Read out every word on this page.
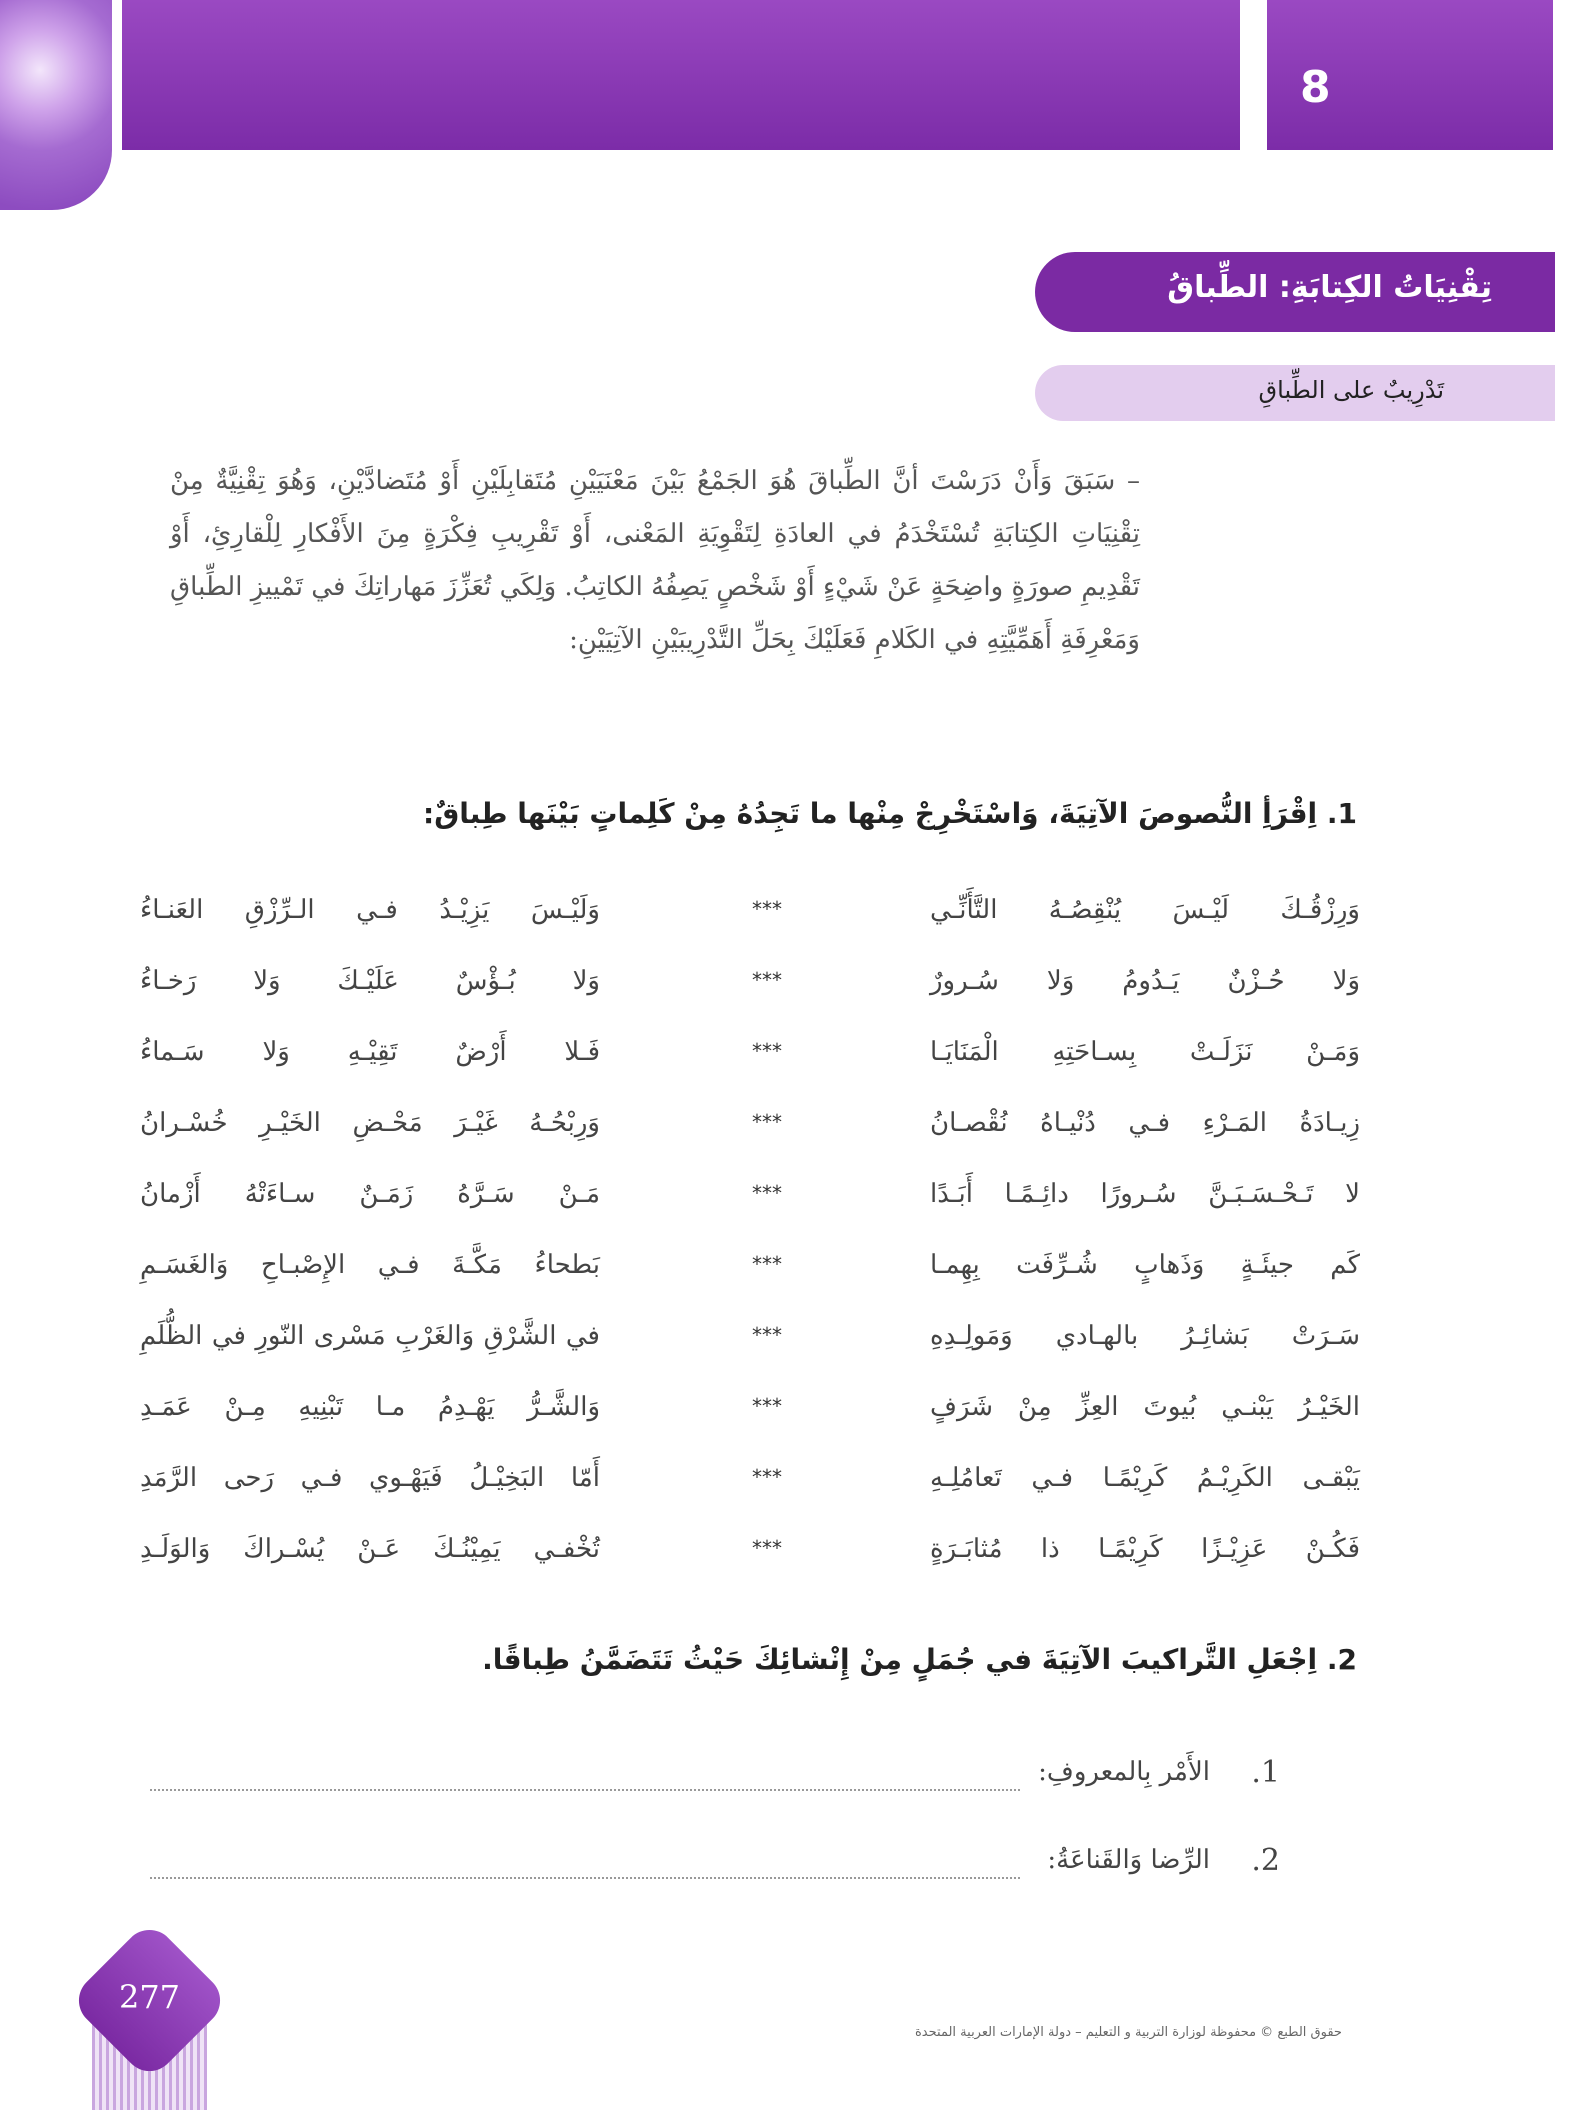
8
تِقْنِيَاتُ الكِتابَةِ: الطِّباقُ
تَدْرِيبٌ على الطِّباقِ
– سَبَقَ وَأَنْ دَرَسْتَ أنَّ الطِّباقَ هُوَ الجَمْعُ بَيْنَ مَعْنَيَيْنِ مُتَقابِلَيْنِ أَوْ مُتَضادَّيْنِ، وَهُوَ تِقْنِيَّةٌ مِنْ تِقْنِيَاتِ الكِتابَةِ تُسْتَخْدَمُ في العادَةِ لِتَقْوِيَةِ المَعْنى، أَوْ تَقْرِيبِ فِكْرَةٍ مِنَ الأَفْكارِ لِلْقارِئِ، أَوْ تَقْدِيمِ صورَةٍ واضِحَةٍ عَنْ شَيْءٍ أَوْ شَخْصٍ يَصِفُهُ الكاتِبُ. وَلِكَي تُعَزِّزَ مَهاراتِكَ في تَمْييزِ الطِّباقِ وَمَعْرِفَةِ أَهَمِّيَّتِهِ في الكَلامِ فَعَلَيْكَ بِحَلِّ التَّدْرِيبَيْنِ الآتِيَيْنِ:
1. اِقْرَأِ النُّصوصَ الآتِيَةَ، وَاسْتَخْرِجْ مِنْها ما تَجِدُهُ مِنْ كَلِماتٍ بَيْنَها طِباقٌ:
وَرِزْقُـكَ لَيْـسَ يُنْقِصُـهُ التَّأَنِّـي
***
وَلَيْـسَ يَزِيْـدُ فـي الـرِّزْقِ العَنـاءُ
وَلا حُـزْنٌ يَـدُومُ وَلا سُـرورٌ
***
وَلا بُـؤْسٌ عَلَيْـكَ وَلا رَخـاءُ
وَمَـنْ نَزَلَـتْ بِسـاحَتِهِ الْمَنَايَـا
***
فَـلا أَرْضٌ تَقِيْـهِ وَلا سَـماءُ
زِيـادَةُ المَـرْءِ فـي دُنْيـاهُ نُقْصـانُ
***
وَرِبْحُـهُ غَيْـرَ مَحْـضِ الخَيْـرِ خُسْـرانُ
لا تَـحْـسَـبَـنَّ سُـرورًا دائِـمًـا أَبَـدًا
***
مَـنْ سَـرَّهُ زَمَـنٌ سـاءَتْهُ أَزْمانُ
كَم جيئَـةٍ وَذَهابٍ شُـرِّفَت بِهِمـا
***
بَطحاءُ مَكَّـةَ فـي الإِصْبـاحِ وَالغَسَـمِ
سَـرَتْ بَشائِـرُ بالهـادي وَمَولِـدِهِ
***
في الشَّرْقِ وَالغَرْبِ مَسْرى النّورِ في الظُّلَمِ
الخَيْـرُ يَبْنـي بُيوتَ العِزِّ مِنْ شَرَفٍ
***
وَالشَّـرُّ يَهْـدِمُ مـا تَبْنِيهِ مِـنْ عَمَـدِ
يَبْقـى الكَرِيْـمُ كَرِيْمًـا فـي تَعامُلِـهِ
***
أَمّا البَخِيْـلُ فَيَهْـوي فـي رَحى الرَّمَدِ
فَكُـنْ عَزِيْـزًا كَرِيْمًـا ذا مُثابَـرَةٍ
***
تُخْفـي يَمِيْنُـكَ عَـنْ يُسْـراكَ وَالوَلَـدِ
2. اِجْعَلِ التَّراكيبَ الآتِيَةَ في جُمَلٍ مِنْ إِنْشائِكَ حَيْثُ تَتَضَمَّنُ طِباقًا.
1.
الأَمْر بِالمعروفِ:
2.
الرِّضا وَالقَناعَةُ:
277
حقوق الطبع © محفوظة لوزارة التربية و التعليم – دولة الإمارات العربية المتحدة
